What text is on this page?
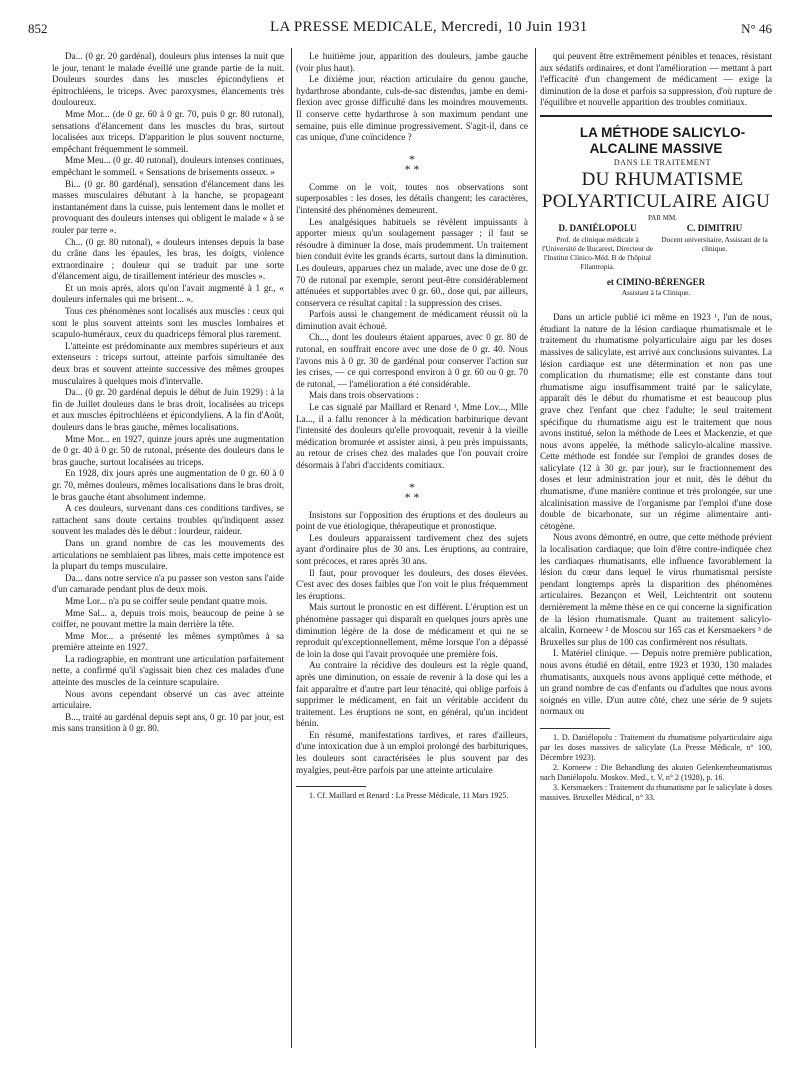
852	LA PRESSE MEDICALE, Mercredi, 10 Juin 1931	N° 46

Da... (0 gr. 20 gardénal), douleurs plus intenses la nuit que le jour, tenant le malade éveillé une grande partie de la nuit. Douleurs sourdes dans les muscles épicondyliens et épitrochléens, le triceps. Avec paroxysmes, élancements très douloureux.

Mme Mor... (de 0 gr. 60 à 0 gr. 70, puis 0 gr. 80 rutonal), sensations d'élancement dans les muscles du bras, surtout localisées aux triceps. D'apparition le plus souvent nocturne, empêchant fréquemment le sommeil.

Mme Meu... (0 gr. 40 rutonal), douleurs intenses continues, empêchant le sommeil. « Sensations de brisements osseux. »

Bi... (0 gr. 80 gardénal), sensation d'élancement dans les masses musculaires débutant à la hanche, se propageant instantanément dans la cuisse, puis lentement dans le mollet et provoquant des douleurs intenses qui obligent le malade « à se rouler par terre ».

Ch... (0 gr. 80 rutonal), « douleurs intenses depuis la base du crâne dans les épaules, les bras, les doigts, violence extraordinaire ; douleur qui se traduit par une sorte d'élancement aigu, de tiraillement intérieur des muscles ».

Et un mois après, alors qu'on l'avait augmenté à 1 gr., « douleurs infernales qui me brisent... ».

Tous ces phénomènes sont localisés aux muscles : ceux qui sont le plus souvent atteints sont les muscles lombaires et scapulo-huméraux, ceux du quadriceps fémoral plus rarement.

L'atteinte est prédominante aux membres supérieurs et aux extenseurs : triceps surtout, atteinte parfois simultanée des deux bras et souvent atteinte successive des mêmes groupes musculaires à quelques mois d'intervalle.

Da... (0 gr. 20 gardénal depuis le début de Juin 1929) : à la fin de Juillet douleurs dans le bras droit, localisées au triceps et aux muscles épitrochléens et épicondyliens. A la fin d'Août, douleurs dans le bras gauche, mêmes localisations.

Mme Mor... en 1927, quinze jours après une augmentation de 0 gr. 40 à 0 gr. 50 de rutonal, présente des douleurs dans le bras gauche, surtout localisées au triceps.

En 1928, dix jours après une augmentation de 0 gr. 60 à 0 gr. 70, mêmes douleurs, mêmes localisations dans le bras droit, le bras gauche étant absolument indemne.

A ces douleurs, survenant dans ces conditions tardives, se rattachent sans doute certains troubles qu'indiquent assez souvent les malades dès le début : lourdeur, raideur.

Dans un grand nombre de cas les mouvements des articulations ne semblaient pas libres, mais cette impotence est la plupart du temps musculaire.

Da... dans notre service n'a pu passer son veston sans l'aide d'un camarade pendant plus de deux mois.

Mme Lor... n'a pu se coiffer seule pendant quatre mois.

Mme Sal... a, depuis trois mois, beaucoup de peine à se coiffer, ne pouvant mettre la main derrière la tête.

Mme Mor... a présenté les mêmes symptômes à sa première atteinte en 1927.

La radiographie, en montrant une articulation parfaitement nette, a confirmé qu'il s'agissait bien chez ces malades d'une atteinte des muscles de la ceinture scapulaire.

Nous avons cependant observé un cas avec atteinte articulaire.

B..., traité au gardénal depuis sept ans, 0 gr. 10 par jour, est mis sans transition à 0 gr. 80.

Le huitième jour, apparition des douleurs, jambe gauche (voir plus haut).

Le dixième jour, réaction articulaire du genou gauche, hydarthrose abondante, culs-de-sac distendus, jambe en demi-flexion avec grosse difficulté dans les moindres mouvements. Il conserve cette hydarthrose à son maximum pendant une semaine, puis elle diminue progressivement. S'agit-il, dans ce cas unique, d'une coïncidence ?

*
* *

Comme on le voit, toutes nos observations sont superposables : les doses, les détails changent; les caractères, l'intensité des phénomènes demeurent.

Les analgésiques habituels se révèlent impuissants à apporter mieux qu'un soulagement passager ; il faut se résoudre à diminuer la dose, mais prudemment. Un traitement bien conduit évite les grands écarts, surtout dans la diminution. Les douleurs, apparues chez un malade, avec une dose de 0 gr. 70 de rutonal par exemple, seront peut-être considérablement atténuées et supportables avec 0 gr. 60., dose qui, par ailleurs, conservera ce résultat capital : la suppression des crises.

Parfois aussi le changement de médicament réussit où la diminution avait échoué.

Ch..., dont les douleurs étaient apparues, avec 0 gr. 80 de rutonal, en souffrait encore avec une dose de 0 gr. 40. Nous l'avons mis à 0 gr. 30 de gardénal pour conserver l'action sur les crises, — ce qui correspond environ à 0 gr. 60 ou 0 gr. 70 de rutonal, — l'amélioration a été considérable.

Mais dans trois observations :

Le cas signalé par Maillard et Renard ¹, Mme Lov..., Mlle La..., il a fallu renoncer à la médication barbiturique devant l'intensité des douleurs qu'elle provoquait, revenir à la vieille médication bromurée et assister ainsi, à peu près impuissants, au retour de crises chez des malades que l'on pouvait croire désormais à l'abri d'accidents comitiaux.

*
* *

Insistons sur l'opposition des éruptions et des douleurs au point de vue étiologique, thérapeutique et pronostique.

Les douleurs apparaissent tardivement chez des sujets ayant d'ordinaire plus de 30 ans. Les éruptions, au contraire, sont précoces, et rares après 30 ans.

Il faut, pour provoquer les douleurs, des doses élevées. C'est avec des doses faibles que l'on voit le plus fréquemment les éruptions.

Mais surtout le pronostic en est différent. L'éruption est un phénomène passager qui disparaît en quelques jours après une diminution légère de la dose de médicament et qui ne se reproduit qu'exceptionnellement, même lorsque l'on a dépassé de loin la dose qui l'avait provoquée une première fois.

Au contraire la récidive des douleurs est la règle quand, après une diminution, on essaie de revenir à la dose qui les a fait apparaître et d'autre part leur ténacité, qui oblige parfois à supprimer le médicament, en fait un véritable accident du traitement. Les éruptions ne sont, en général, qu'un incident bénin.

En résumé, manifestations tardives, et rares d'ailleurs, d'une intoxication due à un emploi prolongé des barbituriques, les douleurs sont caractérisées le plus souvent par des myalgies, peut-être parfois par une atteinte articulaire

1. Cf. Maillard et Renard : La Presse Médicale, 11 Mars 1925.

qui peuvent être extrêmement pénibles et tenaces, résistant aux sédatifs ordinaires, et dont l'amélioration — mettant à part l'efficacité d'un changement de médicament — exige la diminution de la dose et parfois sa suppression, d'où rupture de l'équilibre et nouvelle apparition des troubles comitiaux.

LA MÉTHODE SALICYLO-ALCALINE MASSIVE

DANS LE TRAITEMENT

DU RHUMATISME POLYARTICULAIRE AIGU

PAR MM.

D. DANIÉLOPOLU
Prof. de clinique médicale à l'Université de Bucarest, Directeur de l'Institut Clinico-Méd. B de l'hôpital Filantropia.
C. DIMITRIU
Docent universitaire, Assistant de la clinique.
et CIMINO-BÉRENGER
Assistant à la Clinique.

Dans un article publié ici même en 1923 ¹, l'un de nous, étudiant la nature de la lésion cardiaque rhumatismale et le traitement du rhumatisme polyarticulaire aigu par les doses massives de salicylate, est arrivé aux conclusions suivantes. La lésion cardiaque est une détermination et non pas une complication du rhumatisme; elle est constante dans tout rhumatisme aigu insuffisamment traité par le salicylate, apparaît dès le début du rhumatisme et est beaucoup plus grave chez l'enfant que chez l'adulte; le seul traitement spécifique du rhumatisme aigu est le traitement que nous avons institué, selon la méthode de Lees et Mackenzie, et que nous avons appelée, la méthode salicylo-alcaline massive. Cette méthode est fondée sur l'emploi de grandes doses de salicylate (12 à 30 gr. par jour), sur le fractionnement des doses et leur administration jour et nuit, dès le début du rhumatisme, d'une manière continue et très prolongée, sur une alcalinisation massive de l'organisme par l'emploi d'une dose double de bicarbonate, sur un régime alimentaire anti-cétogène.

Nous avons démontré, en outre, que cette méthode prévient la localisation cardiaque; que loin d'être contre-indiquée chez les cardiaques rhumatisants, elle influence favorablement la lésion du cœur dans lequel le virus rhumatismal persiste pendant longtemps après la disparition des phénomènes articulaires. Bezançon et Weil, Leichtentrit ont soutenu dernièrement la même thèse en ce qui concerne la signification de la lésion rhumatismale. Quant au traitement salicylo-alcalin, Korneew ² de Moscou sur 165 cas et Kersmaekers ³ de Bruxelles sur plus de 100 cas confirmèrent nos résultats.

I. Matériel clinique. — Depuis notre première publication, nous avons étudié en détail, entre 1923 et 1930, 130 malades rhumatisants, auxquels nous avons appliqué cette méthode, et un grand nombre de cas d'enfants ou d'adultes que nous avons soignés en ville. D'un autre côté, chez une série de 9 sujets normaux ou

1. D. Daniélopolu : Traitement du rhumatisme polyarticulaire aigu par les doses massives de salicylate (La Presse Médicale, n° 100, Décembre 1923).

2. Korneew : Die Behandlung des akuten Gelenkenrheumatismus nach Daniélopolu. Moskov. Med., t. V, n° 2 (1928), p. 16.

3. Kersmaekers : Traitement du rhumatisme par le salicylate à doses massives. Bruxelles Médical, n° 33.
